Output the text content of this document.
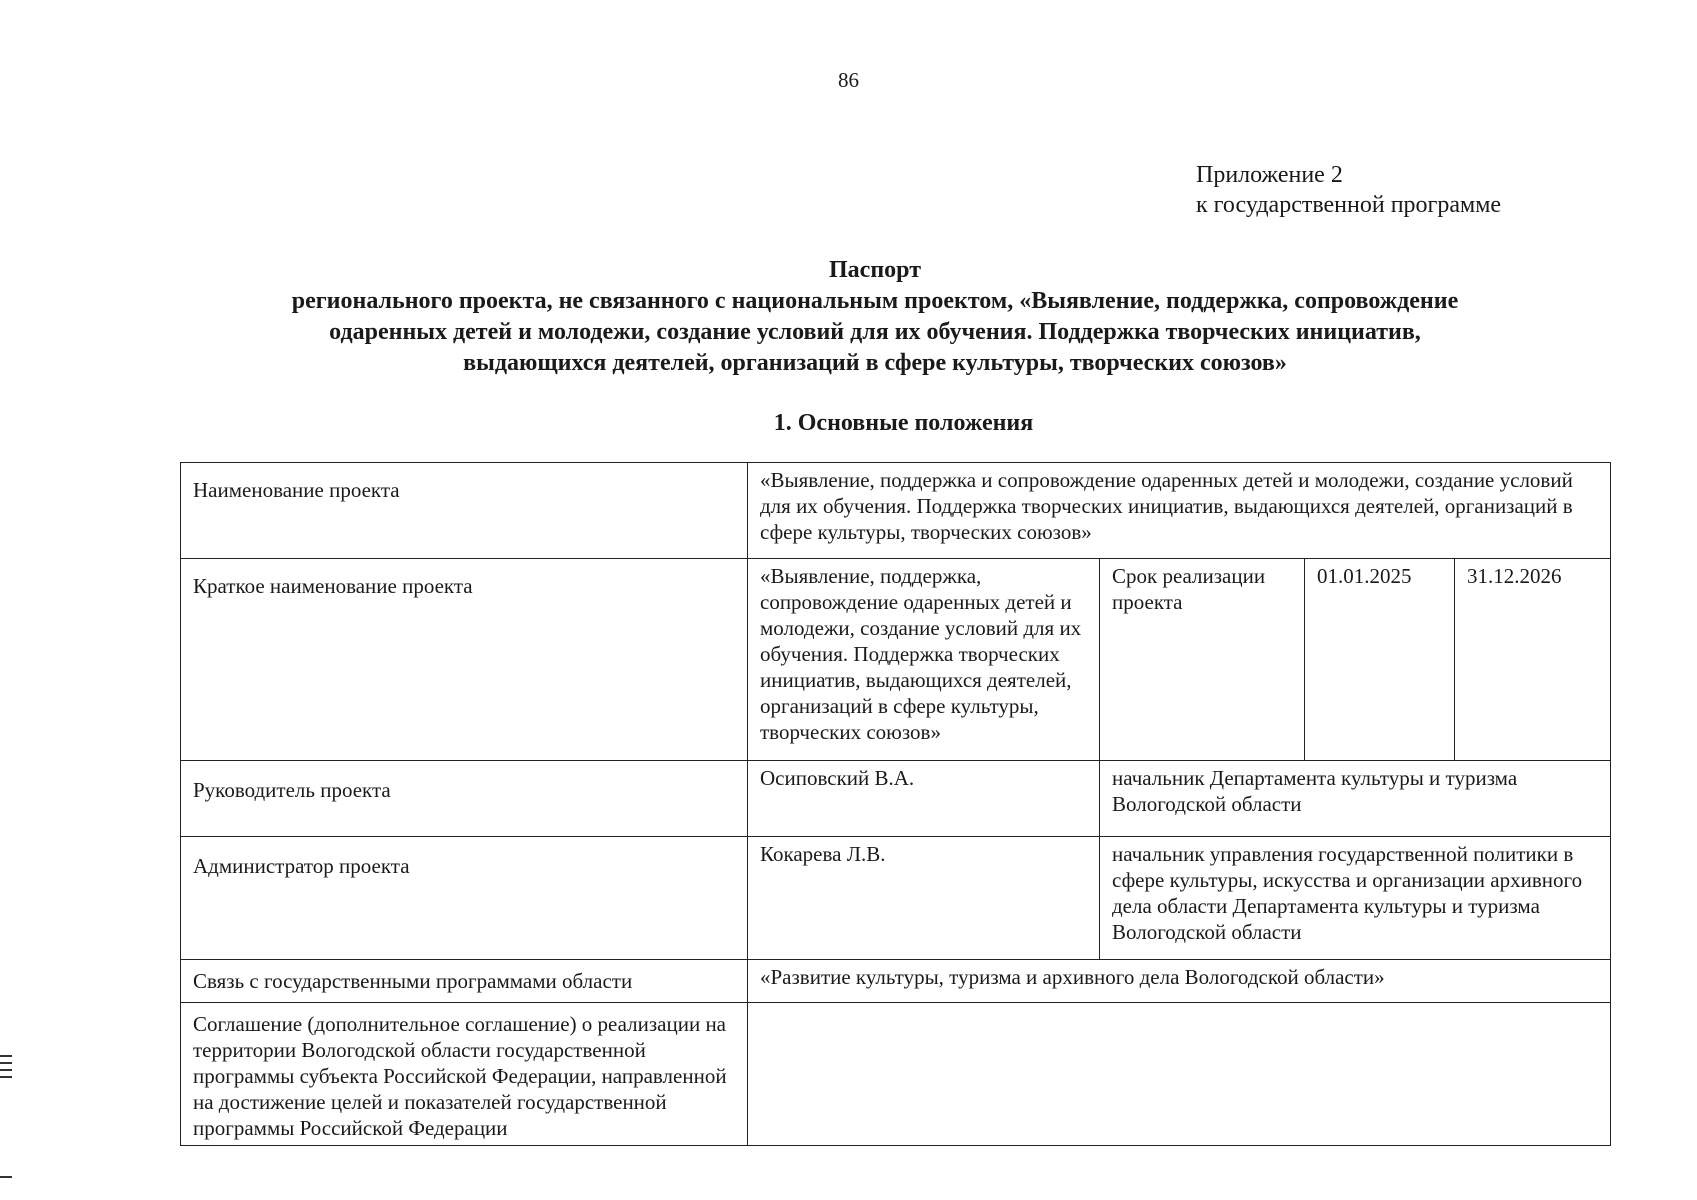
86
Приложение 2
к государственной программе
Паспорт
регионального проекта, не связанного с национальным проектом, «Выявление, поддержка, сопровождение
одаренных детей и молодежи, создание условий для их обучения. Поддержка творческих инициатив,
выдающихся деятелей, организаций в сфере культуры, творческих союзов»
1. Основные положения
Наименование проекта	«Выявление, поддержка и сопровождение одаренных детей и молодежи, создание условий для их обучения. Поддержка творческих инициатив, выдающихся деятелей, организаций в сфере культуры, творческих союзов»			
Краткое наименование проекта	«Выявление, поддержка, сопровождение одаренных детей и молодежи, создание условий для их обучения. Поддержка творческих инициатив, выдающихся деятелей, организаций в сфере культуры, творческих союзов»	Срок реализации проекта	01.01.2025	31.12.2026
Руководитель проекта	Осиповский В.А.	начальник Департамента культуры и туризма Вологодской области		
Администратор проекта	Кокарева Л.В.	начальник управления государственной политики в сфере культуры, искусства и организации архивного дела области Департамента культуры и туризма Вологодской области		
Связь с государственными программами области	«Развитие культуры, туризма и архивного дела Вологодской области»			
Соглашение (дополнительное соглашение) о реализации на территории Вологодской области государственной программы субъекта Российской Федерации, направленной на достижение целей и показателей государственной программы Российской Федерации				
